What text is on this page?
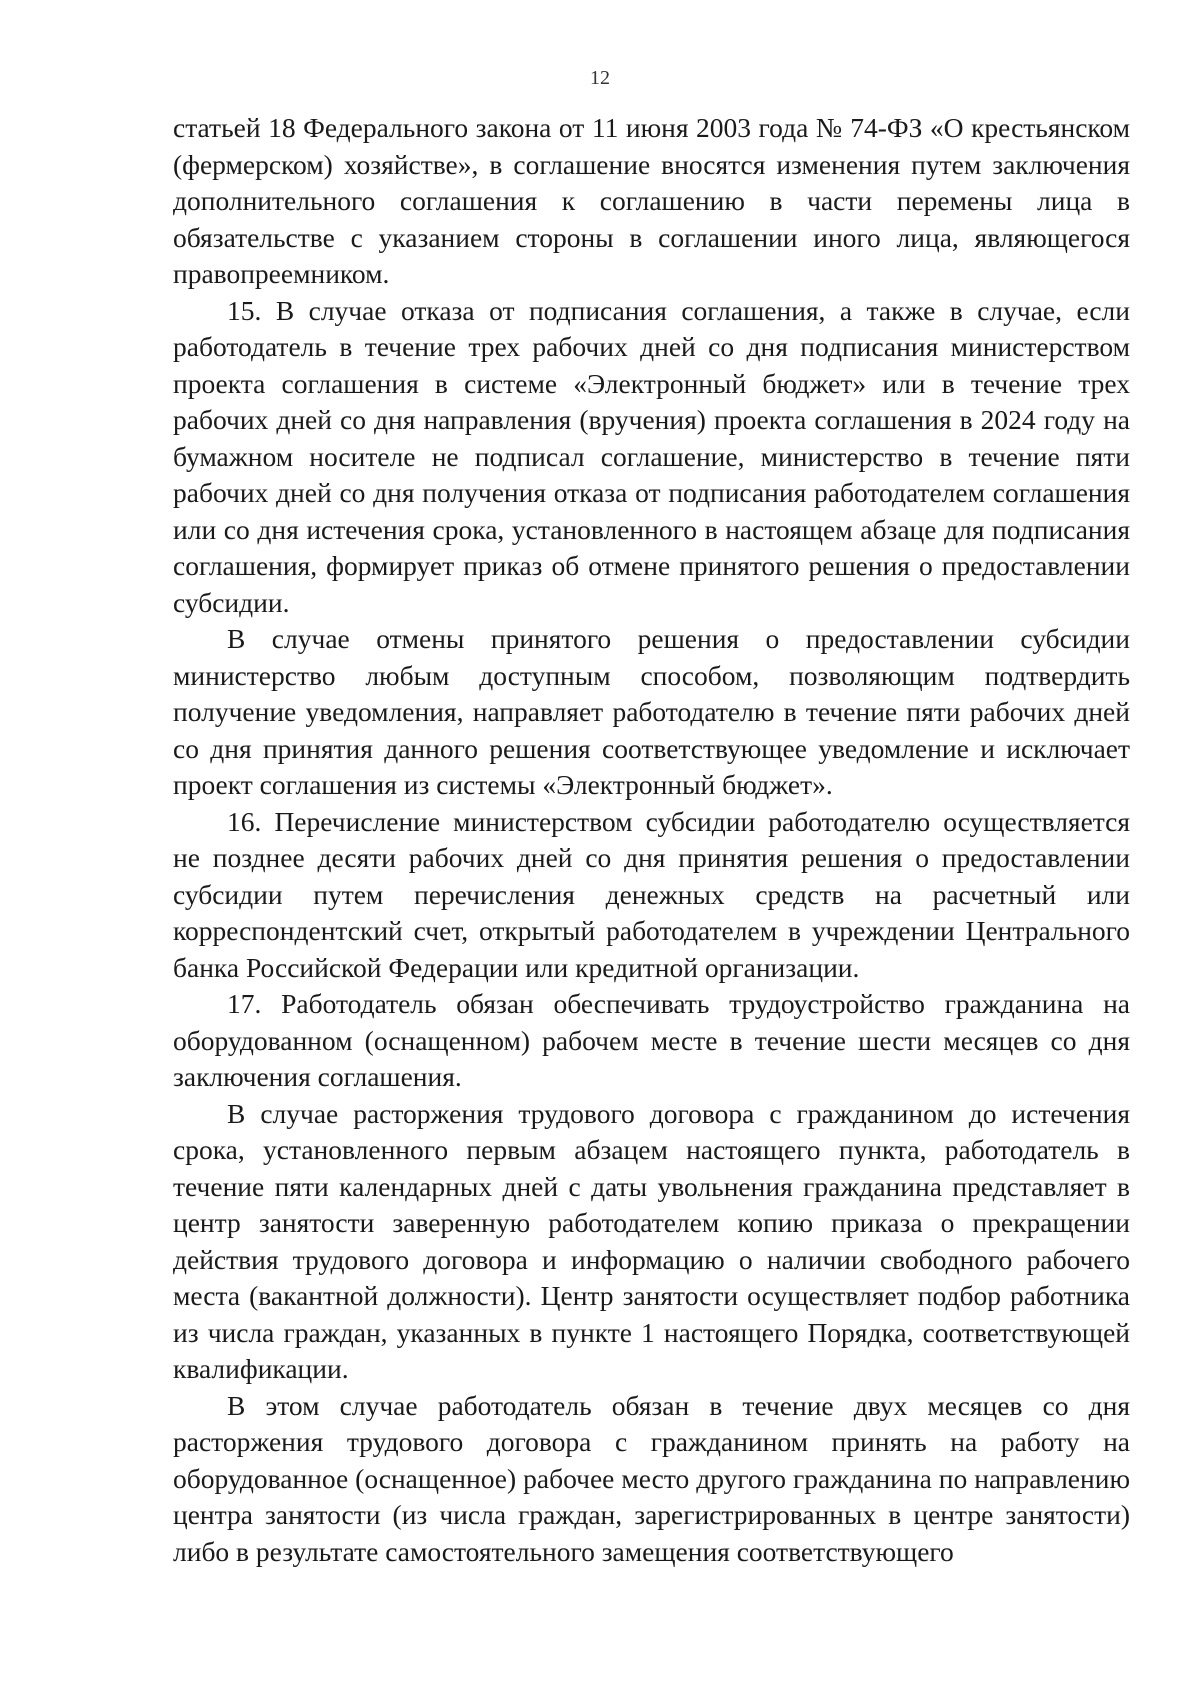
12

статьей 18 Федерального закона от 11 июня 2003 года № 74-ФЗ «О крестьянском (фермерском) хозяйстве», в соглашение вносятся изменения путем заключения дополнительного соглашения к соглашению в части перемены лица в обязательстве с указанием стороны в соглашении иного лица, являющегося правопреемником.

15. В случае отказа от подписания соглашения, а также в случае, если работодатель в течение трех рабочих дней со дня подписания министерством проекта соглашения в системе «Электронный бюджет» или в течение трех рабочих дней со дня направления (вручения) проекта соглашения в 2024 году на бумажном носителе не подписал соглашение, министерство в течение пяти рабочих дней со дня получения отказа от подписания работодателем соглашения или со дня истечения срока, установленного в настоящем абзаце для подписания соглашения, формирует приказ об отмене принятого решения о предоставлении субсидии.

В случае отмены принятого решения о предоставлении субсидии министерство любым доступным способом, позволяющим подтвердить получение уведомления, направляет работодателю в течение пяти рабочих дней со дня принятия данного решения соответствующее уведомление и исключает проект соглашения из системы «Электронный бюджет».

16. Перечисление министерством субсидии работодателю осуществляется не позднее десяти рабочих дней со дня принятия решения о предоставлении субсидии путем перечисления денежных средств на расчетный или корреспондентский счет, открытый работодателем в учреждении Центрального банка Российской Федерации или кредитной организации.

17. Работодатель обязан обеспечивать трудоустройство гражданина на оборудованном (оснащенном) рабочем месте в течение шести месяцев со дня заключения соглашения.

В случае расторжения трудового договора с гражданином до истечения срока, установленного первым абзацем настоящего пункта, работодатель в течение пяти календарных дней с даты увольнения гражданина представляет в центр занятости заверенную работодателем копию приказа о прекращении действия трудового договора и информацию о наличии свободного рабочего места (вакантной должности). Центр занятости осуществляет подбор работника из числа граждан, указанных в пункте 1 настоящего Порядка, соответствующей квалификации.

В этом случае работодатель обязан в течение двух месяцев со дня расторжения трудового договора с гражданином принять на работу на оборудованное (оснащенное) рабочее место другого гражданина по направлению центра занятости (из числа граждан, зарегистрированных в центре занятости) либо в результате самостоятельного замещения соответствующего
